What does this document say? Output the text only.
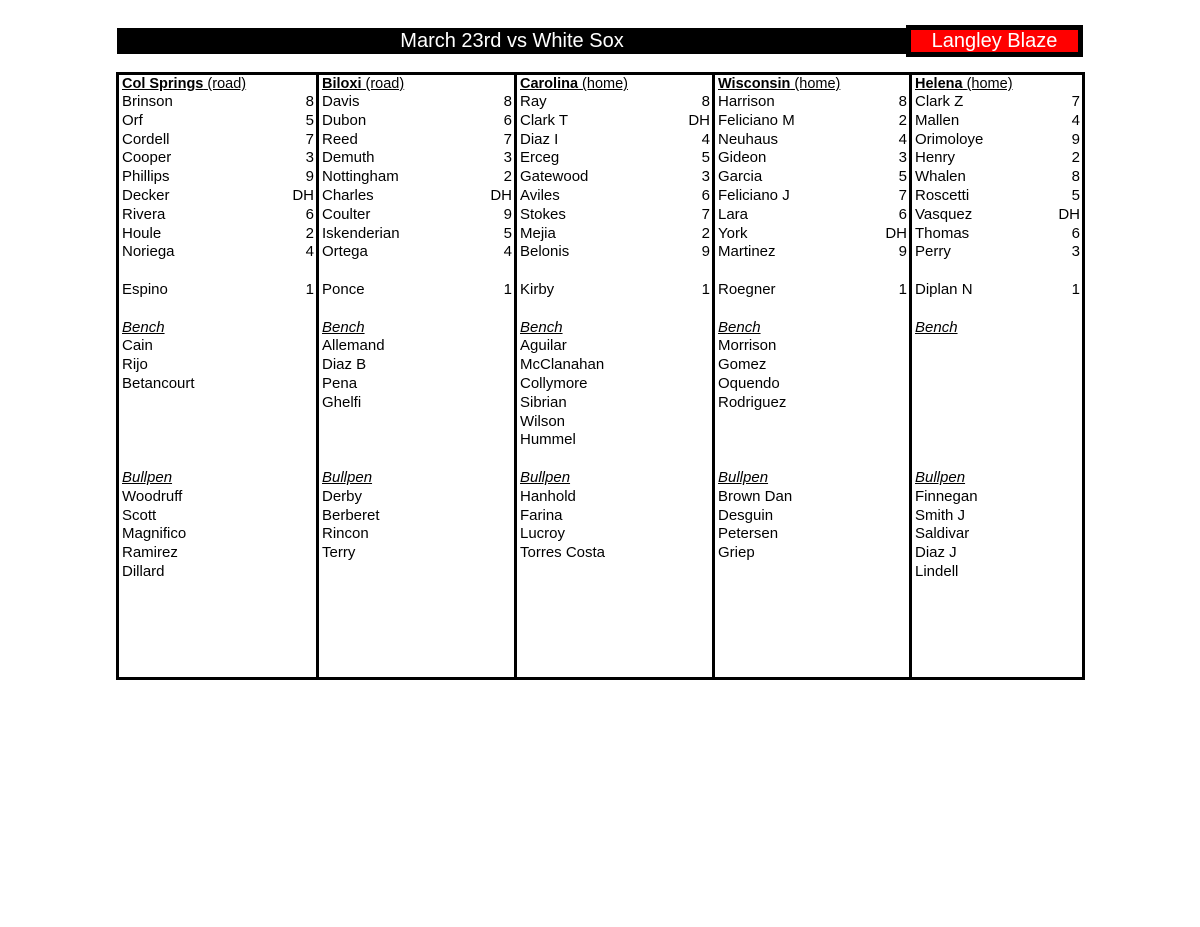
March 23rd vs White Sox	Langley Blaze
Col Springs (road)
Brinson	8
Orf	5
Cordell	7
Cooper	3
Phillips	9
Decker	DH
Rivera	6
Houle	2
Noriega	4
Espino	1
Bench
Cain
Rijo
Betancourt
Bullpen
Woodruff
Scott
Magnifico
Ramirez
Dillard
Biloxi (road)
Davis	8
Dubon	6
Reed	7
Demuth	3
Nottingham	2
Charles	DH
Coulter	9
Iskenderian	5
Ortega	4
Ponce	1
Bench
Allemand
Diaz B
Pena
Ghelfi
Bullpen
Derby
Berberet
Rincon
Terry
Carolina (home)
Ray	8
Clark T	DH
Diaz I	4
Erceg	5
Gatewood	3
Aviles	6
Stokes	7
Mejia	2
Belonis	9
Kirby	1
Bench
Aguilar
McClanahan
Collymore
Sibrian
Wilson
Hummel
Bullpen
Hanhold
Farina
Lucroy
Torres Costa
Wisconsin (home)
Harrison	8
Feliciano M	2
Neuhaus	4
Gideon	3
Garcia	5
Feliciano J	7
Lara	6
York	DH
Martinez	9
Roegner	1
Bench
Morrison
Gomez
Oquendo
Rodriguez
Bullpen
Brown Dan
Desguin
Petersen
Griep
Helena (home)
Clark Z	7
Mallen	4
Orimoloye	9
Henry	2
Whalen	8
Roscetti	5
Vasquez	DH
Thomas	6
Perry	3
Diplan N	1
Bench
Bullpen
Finnegan
Smith J
Saldivar
Diaz J
Lindell
